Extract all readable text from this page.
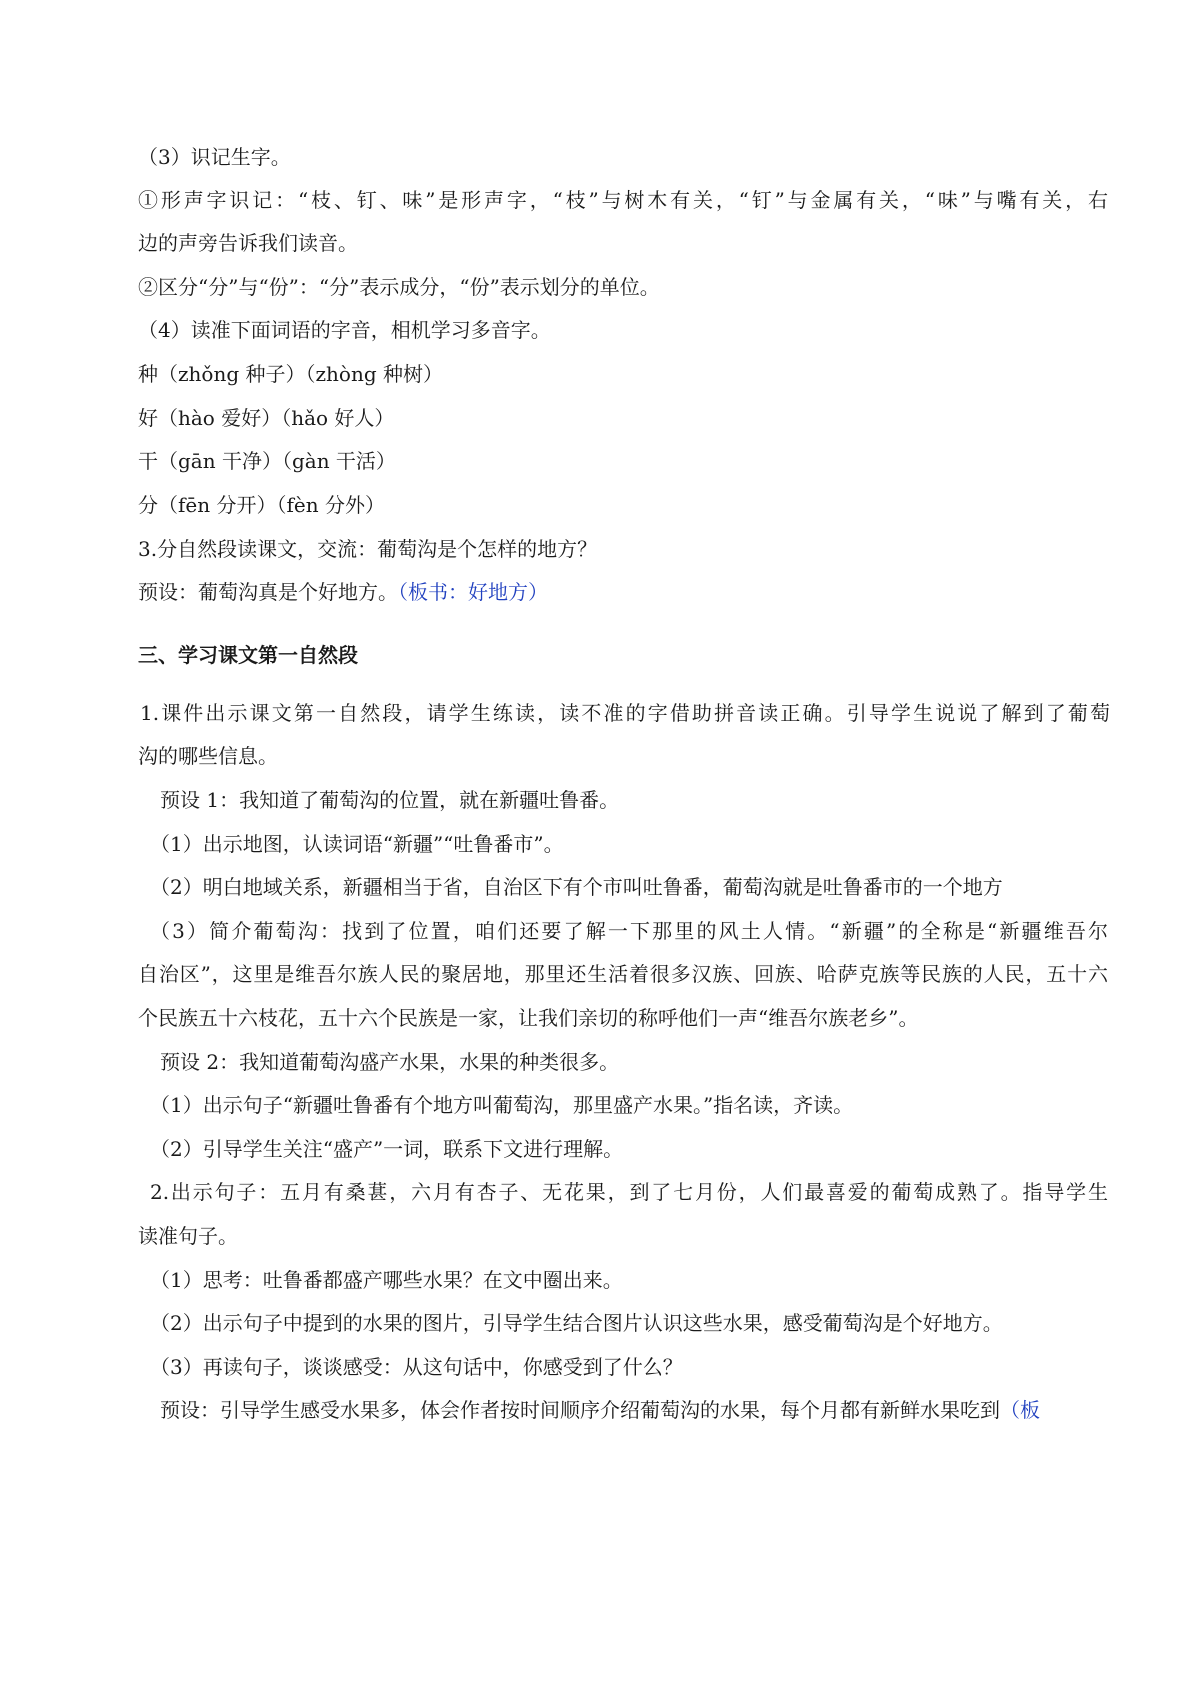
（3）识记生字。
①形声字识记：“枝、钉、味”是形声字，“枝”与树木有关，“钉”与金属有关，“味”与嘴有关，右
边的声旁告诉我们读音。
②区分“分”与“份”：“分”表示成分，“份”表示划分的单位。
（4）读准下面词语的字音，相机学习多音字。
种（zhǒng 种子）（zhòng 种树）
好（hào 爱好）（hǎo 好人）
干（gān 干净）（gàn 干活）
分（fēn 分开）（fèn 分外）
3.分自然段读课文，交流：葡萄沟是个怎样的地方？
预设：葡萄沟真是个好地方。（板书：好地方）
三、学习课文第一自然段
1.课件出示课文第一自然段，请学生练读，读不准的字借助拼音读正确。引导学生说说了解到了葡萄
沟的哪些信息。
预设 1：我知道了葡萄沟的位置，就在新疆吐鲁番。
（1）出示地图，认读词语“新疆”“吐鲁番市”。
（2）明白地域关系，新疆相当于省，自治区下有个市叫吐鲁番，葡萄沟就是吐鲁番市的一个地方
（3）简介葡萄沟：找到了位置，咱们还要了解一下那里的风土人情。“新疆”的全称是“新疆维吾尔
自治区”，这里是维吾尔族人民的聚居地，那里还生活着很多汉族、回族、哈萨克族等民族的人民，五十六
个民族五十六枝花，五十六个民族是一家，让我们亲切的称呼他们一声“维吾尔族老乡”。
预设 2：我知道葡萄沟盛产水果，水果的种类很多。
（1）出示句子“新疆吐鲁番有个地方叫葡萄沟，那里盛产水果。”指名读，齐读。
（2）引导学生关注“盛产”一词，联系下文进行理解。
2.出示句子：五月有桑葚，六月有杏子、无花果，到了七月份，人们最喜爱的葡萄成熟了。指导学生
读准句子。
（1）思考：吐鲁番都盛产哪些水果？在文中圈出来。
（2）出示句子中提到的水果的图片，引导学生结合图片认识这些水果，感受葡萄沟是个好地方。
（3）再读句子，谈谈感受：从这句话中，你感受到了什么？
预设：引导学生感受水果多，体会作者按时间顺序介绍葡萄沟的水果，每个月都有新鲜水果吃到（板
